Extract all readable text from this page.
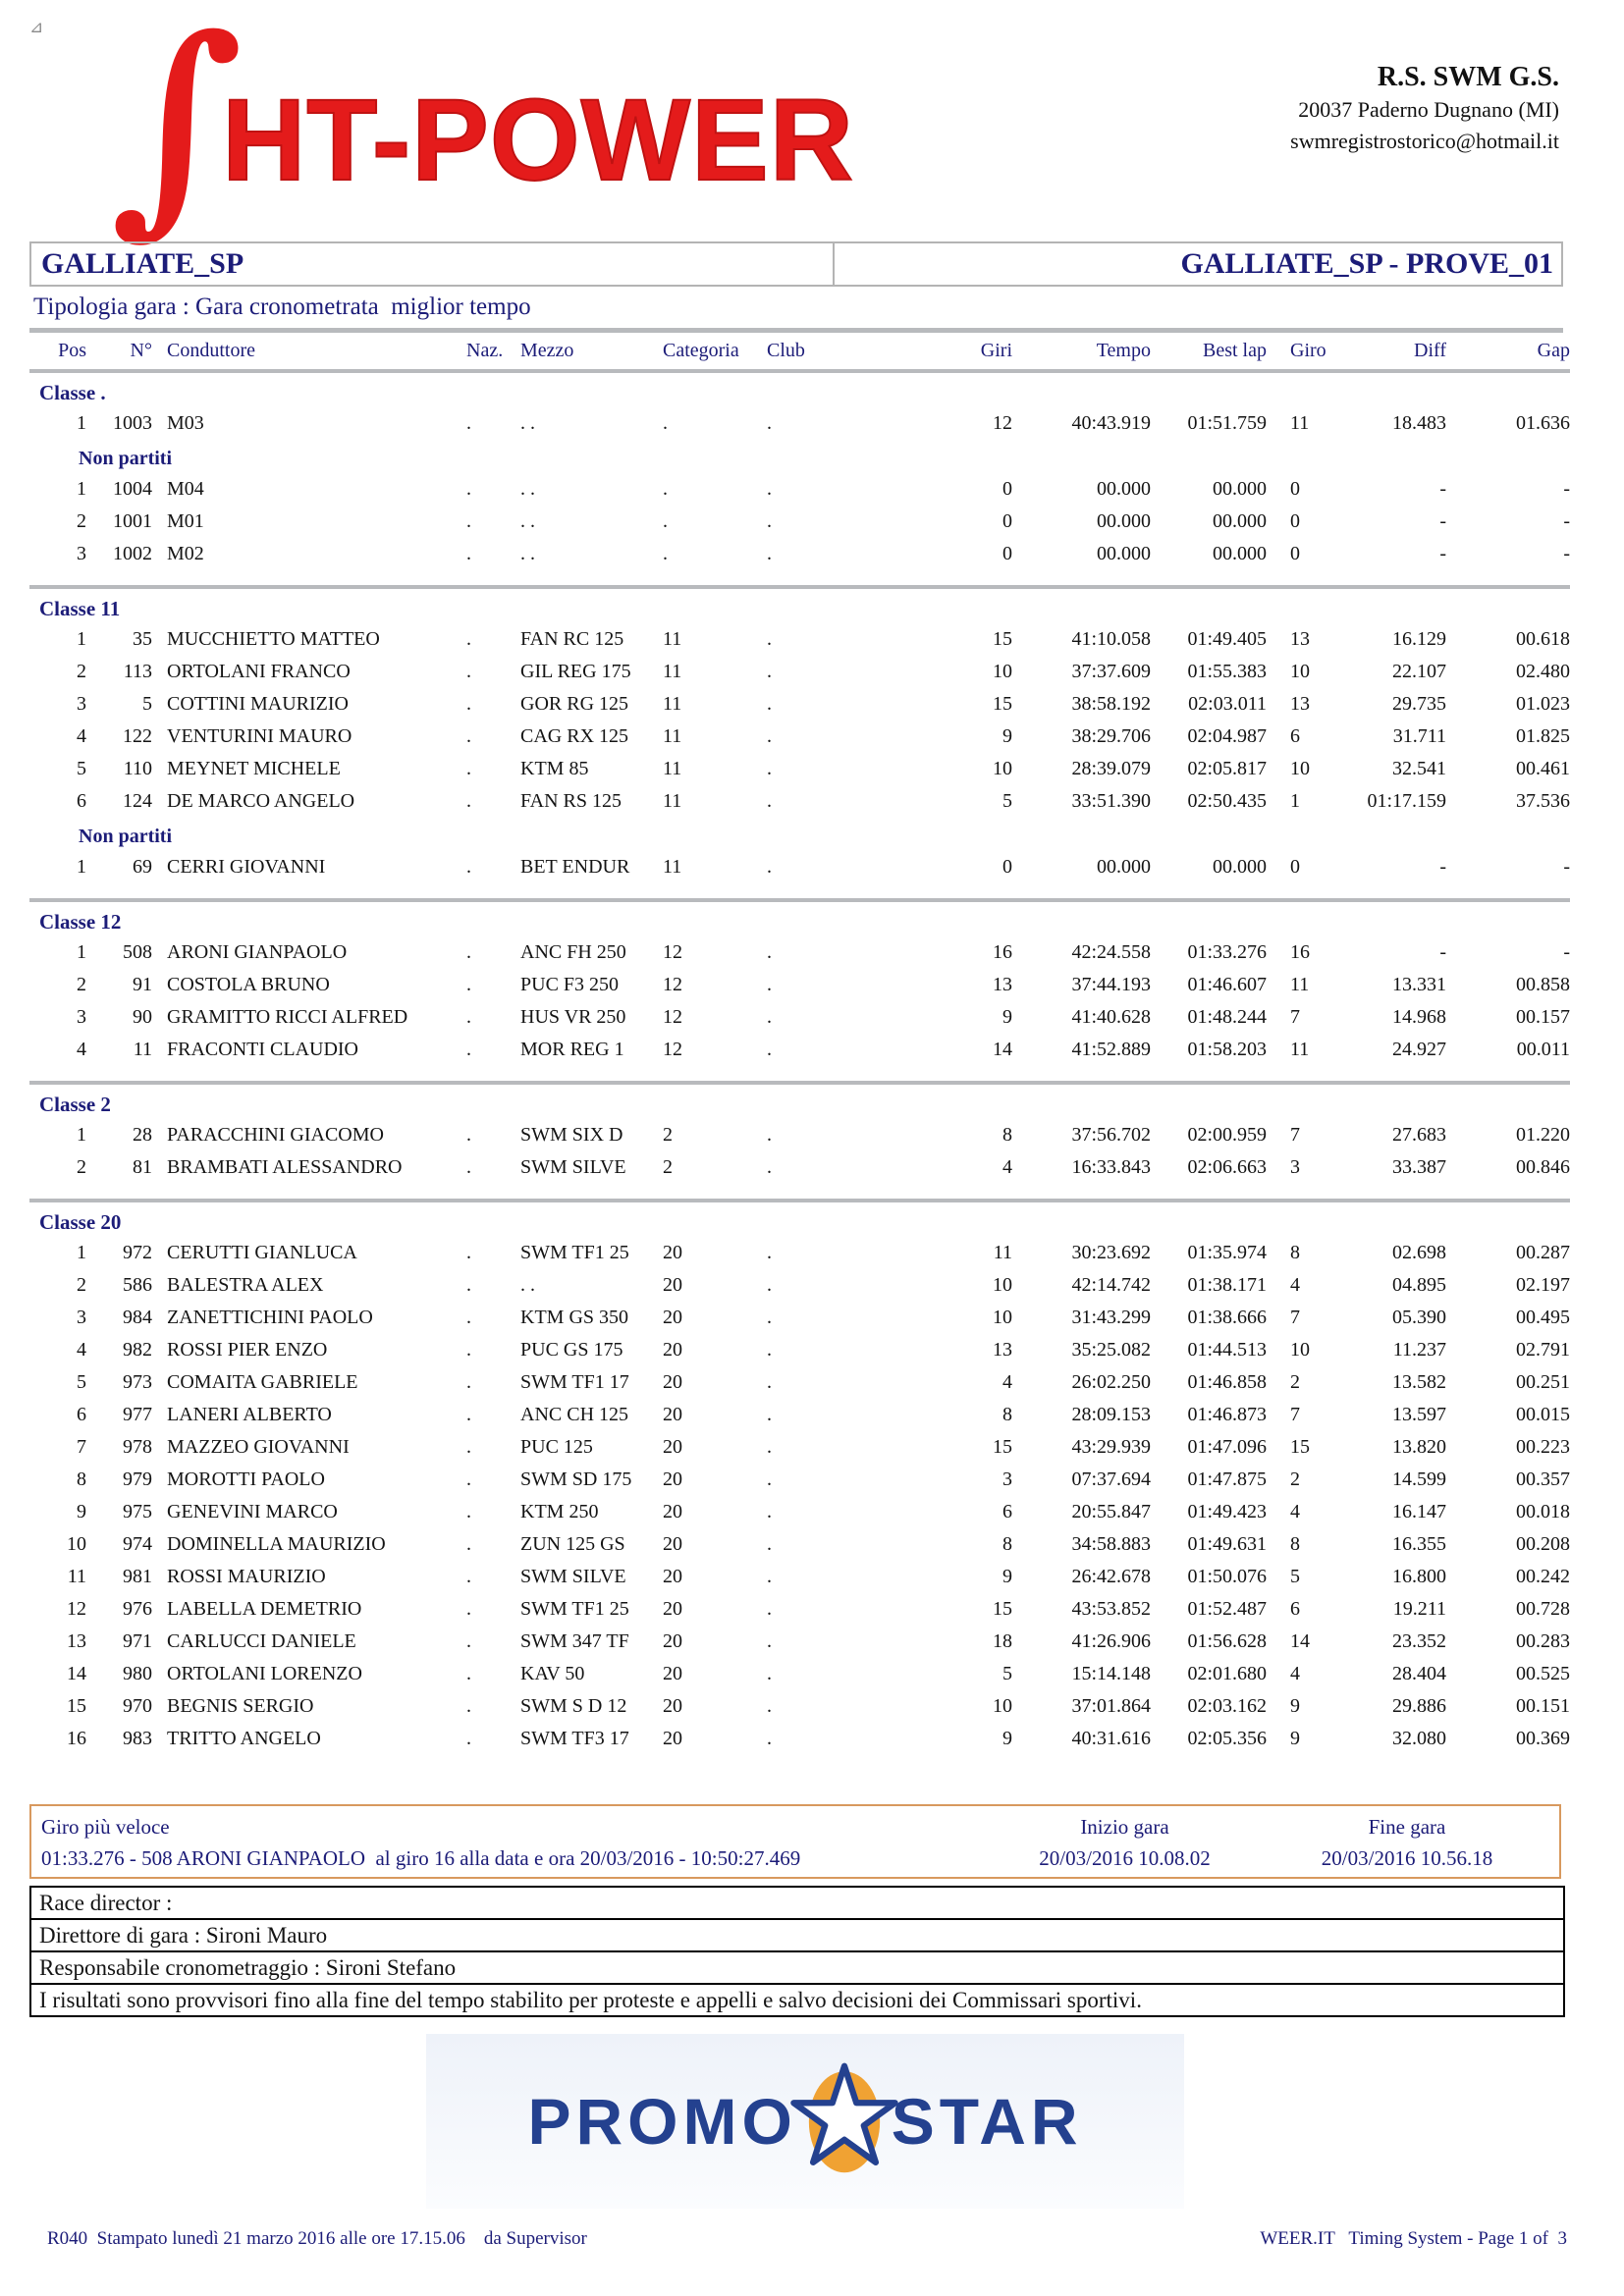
⊿ ∫
HT-POWER	R.S. SWM G.S.
20037 Paderno Dugnano (MI)
swmregistrostorico@hotmail.it
GALLIATE_SP	GALLIATE_SP - PROVE_01
Tipologia gara : Gara cronometrata  miglior tempo
Pos	N° Conduttore	Naz. Mezzo	Categoria	Club	Giri	Tempo	Best lap	Giro	Diff	Gap
Classe .
1	1003 M03	.	. .	.	.	12	40:43.919	01:51.759	11	18.483	01.636
Non partiti
1	1004 M04	.	. .	.	.	0	00.000	00.000	0	-	-
2	1001 M01	.	. .	.	.	0	00.000	00.000	0	-	-
3	1002 M02	.	. .	.	.	0	00.000	00.000	0	-	-
Classe 11
1	35 MUCCHIETTO MATTEO	.	FAN RC 125	11	.	15	41:10.058	01:49.405	13	16.129	00.618
2	113 ORTOLANI FRANCO	.	GIL REG 175	11	.	10	37:37.609	01:55.383	10	22.107	02.480
3	5 COTTINI MAURIZIO	.	GOR RG 125	11	.	15	38:58.192	02:03.011	13	29.735	01.023
4	122 VENTURINI MAURO	.	CAG RX 125	11	.	9	38:29.706	02:04.987	6	31.711	01.825
5	110 MEYNET MICHELE	.	KTM 85	11	.	10	28:39.079	02:05.817	10	32.541	00.461
6	124 DE MARCO ANGELO	.	FAN RS 125	11	.	5	33:51.390	02:50.435	1	01:17.159	37.536
Non partiti
1	69 CERRI GIOVANNI	.	BET ENDUR	11	.	0	00.000	00.000	0	-	-
Classe 12
1	508 ARONI GIANPAOLO	.	ANC FH 250	12	.	16	42:24.558	01:33.276	16	-	-
2	91 COSTOLA BRUNO	.	PUC F3 250	12	.	13	37:44.193	01:46.607	11	13.331	00.858
3	90 GRAMITTO RICCI ALFRED	.	HUS VR 250	12	.	9	41:40.628	01:48.244	7	14.968	00.157
4	11 FRACONTI CLAUDIO	.	MOR REG 1	12	.	14	41:52.889	01:58.203	11	24.927	00.011
Classe 2
1	28 PARACCHINI GIACOMO	.	SWM SIX D	2	.	8	37:56.702	02:00.959	7	27.683	01.220
2	81 BRAMBATI ALESSANDRO	.	SWM SILVE	2	.	4	16:33.843	02:06.663	3	33.387	00.846
Classe 20
1	972 CERUTTI GIANLUCA	.	SWM TF1 25	20	.	11	30:23.692	01:35.974	8	02.698	00.287
2	586 BALESTRA ALEX	.	. .	20	.	10	42:14.742	01:38.171	4	04.895	02.197
3	984 ZANETTICHINI PAOLO	.	KTM GS 350	20	.	10	31:43.299	01:38.666	7	05.390	00.495
4	982 ROSSI PIER ENZO	.	PUC GS 175	20	.	13	35:25.082	01:44.513	10	11.237	02.791
5	973 COMAITA GABRIELE	.	SWM TF1 17	20	.	4	26:02.250	01:46.858	2	13.582	00.251
6	977 LANERI ALBERTO	.	ANC CH 125	20	.	8	28:09.153	01:46.873	7	13.597	00.015
7	978 MAZZEO GIOVANNI	.	PUC 125	20	.	15	43:29.939	01:47.096	15	13.820	00.223
8	979 MOROTTI PAOLO	.	SWM SD 175	20	.	3	07:37.694	01:47.875	2	14.599	00.357
9	975 GENEVINI MARCO	.	KTM 250	20	.	6	20:55.847	01:49.423	4	16.147	00.018
10	974 DOMINELLA MAURIZIO	.	ZUN 125 GS	20	.	8	34:58.883	01:49.631	8	16.355	00.208
11	981 ROSSI MAURIZIO	.	SWM SILVE	20	.	9	26:42.678	01:50.076	5	16.800	00.242
12	976 LABELLA DEMETRIO	.	SWM TF1 25	20	.	15	43:53.852	01:52.487	6	19.211	00.728
13	971 CARLUCCI DANIELE	.	SWM 347 TF	20	.	18	41:26.906	01:56.628	14	23.352	00.283
14	980 ORTOLANI LORENZO	.	KAV 50	20	.	5	15:14.148	02:01.680	4	28.404	00.525
15	970 BEGNIS SERGIO	.	SWM S D 12	20	.	10	37:01.864	02:03.162	9	29.886	00.151
16	983 TRITTO ANGELO	.	SWM TF3 17	20	.	9	40:31.616	02:05.356	9	32.080	00.369
Giro più veloce	Inizio gara	Fine gara
01:33.276 - 508 ARONI GIANPAOLO  al giro 16 alla data e ora 20/03/2016 - 10:50:27.469	20/03/2016 10.08.02	20/03/2016 10.56.18
Race director :
Direttore di gara : Sironi Mauro
Responsabile cronometraggio : Sironi Stefano
I risultati sono provvisori fino alla fine del tempo stabilito per proteste e appelli e salvo decisioni dei Commissari sportivi.
PROMO STAR
R040  Stampato lunedì 21 marzo 2016 alle ore 17.15.06    da Supervisor	WEER.IT   Timing System - Page 1 of  3
